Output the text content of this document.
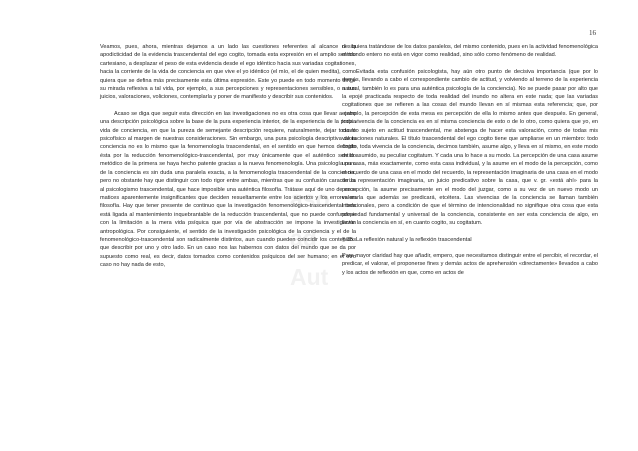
16
aso
ad
Aut

Veamos, pues, ahora, mientras dejamos a un lado las cuestiones referentes al alcance de la apodicticidad de la evidencia trascendental del ego cogito, tomada esta expresión en el amplio sentido cartesiano, a desplazar el peso de esta evidencia desde el ego idéntico hacia sus variadas cogitationes, hacia la corriente de la vida de conciencia en que vive el yo idéntico (el mío, el de quien medita), como quiera que se defina más precisamente esta última expresión. Este yo puede en todo momento dirigir su mirada reflexiva a tal vida, por ejemplo, a sus percepciones y representaciones sensibles, o a sus juicios, valoraciones, voliciones, contemplarla y poner de manifiesto y describir sus contenidos.

Acaso se diga que seguir esta dirección en las investigaciones no es otra cosa que llevar a cabo una descripción psicológica sobre la base de la pura experiencia interior, de la experiencia de la propia vida de conciencia, en que la pureza de semejante descripción requiere, naturalmente, dejar todo lo psicofísico al margen de nuestras consideraciones. Sin embargo, una pura psicología descriptiva de la conciencia no es lo mismo que la fenomenología trascendental, en el sentido en que hemos definido ésta por la reducción fenomenológico-trascendental, por muy únicamente que el auténtico sentido metódico de la primera se haya hecho patente gracias a la nueva fenomenología. Una psicología pura de la conciencia es sin duda una paralela exacta, a la fenomenología trascendental de la conciencia, pero no obstante hay que distinguir con todo rigor entre ambas, mientras que su confusión caracteriza al psicologismo trascendental, que hace imposible una auténtica filosofía. Trátase aquí de uno de esos matices aparentemente insignificantes que deciden resueltamente entre los aciertos y los errores en filosofía. Hay que tener presente de continuo que la investigación fenomenológico-trascendental toda está ligada al mantenimiento inquebrantable de la reducción trascendental, que no puede confundirse con la limitación a la mera vida psíquica que por vía de abstracción se impone la investigación antropológica. Por consiguiente, el sentido de la investigación psicológica de la conciencia y el de la fenomenológico-trascendental son radicalmente distintos, aun cuando pueden coincidir los contenidos que describir por uno y otro lado. En un caso nos las habernos con datos del mundo que se da por supuesto como real, es decir, datos tomados como contenidos psíquicos del ser humano; en el otro caso no hay nada de esto,

ni siquiera tratándose de los datos paralelos, del mismo contenido, pues en la actividad fenomenológica el mundo entero no está en vigor como realidad, sino sólo como fenómeno de realidad.

Evitada esta confusión psicologista, hay aún otro punto de decisiva importancia (que por lo demás, llevando a cabo el correspondiente cambio de actitud, y volviendo al terreno de la experiencia natural, también lo es para una auténtica psicología de la conciencia). No se puede pasar por alto que la epojé practicada respecto de toda realidad del inundo no altera en este nada; que las variadas cogitationes que se refieren a las cosas del mundo llevan en sí mismas esta referencia; que, por ejemplo, la percepción de esta mesa es percepción de ella lo mismo antes que después. En general, toda vivencia de la conciencia es en sí misma conciencia de esto o de lo otro, como quiera que yo, en cuanto sujeto en actitud trascendental, me abstenga de hacer esta valoración, como de todas mis valoraciones naturales. El título trascendental del ego cogito tiene que ampliarse en un miembro: todo cogito, toda vivencia de la conciencia, decimos también, asume algo, y lleva en sí mismo, en este modo de lo asumido, su peculiar cogitatum. Y cada una lo hace a su modo. La percepción de una casa asume una casa, más exactamente, como esta casa individual, y la asume en el modo de la percepción, como el recuerdo de una casa en el modo del recuerdo, la representación imaginaria de una casa en el modo de la representación imaginaria, un juicio predicativo sobre la casa, que v. gr. «está ahí» para la percepción, la asume precisamente en el modo del juzgar, como a su vez de un nuevo modo un valorarla que además se predicará, etcétera. Las vivencias de la conciencia se llaman también intencionales, pero a condición de que el término de intencionalidad no signifique otra cosa que esta propiedad fundamental y universal de la conciencia, consistente en ser esta conciencia de algo, en llevar la conciencia en sí, en cuanto cogito, su cogitatum.

§ 15. La reflexión natural y la reflexión trascendental

Para mayor claridad hay que añadir, empero, que necesitamos distinguir entre el percibir, el recordar, el predicar, el valorar, el proponerse fines y demás actos de aprehensión «directamente» llevados a cabo y los actos de reflexión en que, como en actos de
